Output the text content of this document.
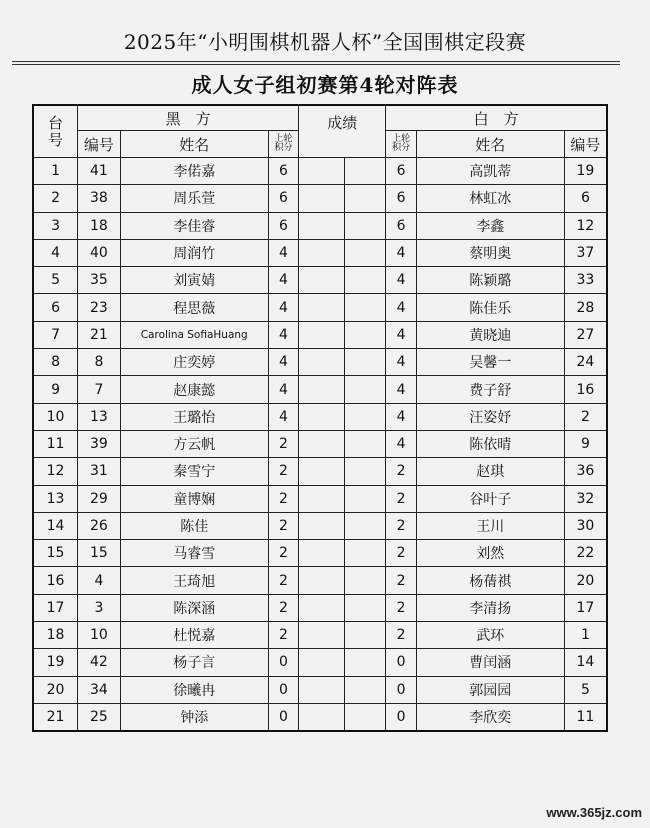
2025年“小明围棋机器人杯”全国围棋定段赛
成人女子组初赛第4轮对阵表
台号	黑　方			成绩		白　方		
	编号	姓名	上轮积分			上轮积分	姓名	编号
1	41	李偌嘉	6			6	高凯蒂	19
2	38	周乐萱	6			6	林虹冰	6
3	18	李佳睿	6			6	李鑫	12
4	40	周润竹	4			4	蔡明奥	37
5	35	刘寅婧	4			4	陈颖璐	33
6	23	程思薇	4			4	陈佳乐	28
7	21	Carolina SofiaHuang	4			4	黄晓迪	27
8	8	庄奕婷	4			4	吴馨一	24
9	7	赵康懿	4			4	费子舒	16
10	13	王璐怡	4			4	汪姿妤	2
11	39	方云帆	2			4	陈依晴	9
12	31	秦雪宁	2			2	赵琪	36
13	29	童博娴	2			2	谷叶子	32
14	26	陈佳	2			2	王川	30
15	15	马睿雪	2			2	刘然	22
16	4	王琦旭	2			2	杨蒨祺	20
17	3	陈深涵	2			2	李清扬	17
18	10	杜悦嘉	2			2	武环	1
19	42	杨子言	0			0	曹闰涵	14
20	34	徐曦冉	0			0	郭园园	5
21	25	钟添	0			0	李欣奕	11
www.365jz.com
